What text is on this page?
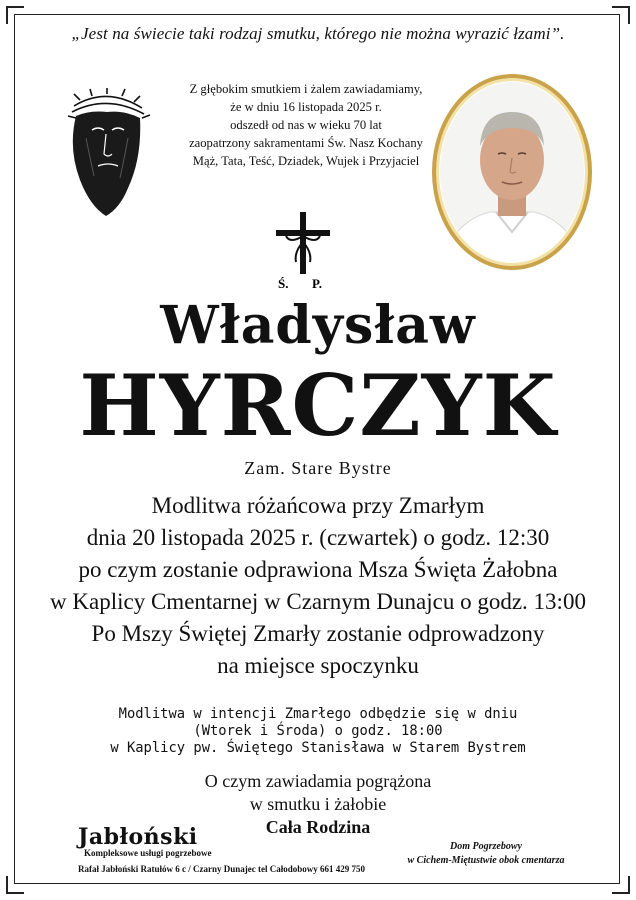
„Jest na świecie taki rodzaj smutku, którego nie można wyrazić łzami”.
Z głębokim smutkiem i żalem zawiadamiamy,
że w dniu 16 listopada 2025 r.
odszedł od nas w wieku 70 lat
zaopatrzony sakramentami Św. Nasz Kochany
Mąż, Tata, Teść, Dziadek, Wujek i Przyjaciel
Ś. P.
Władysław
HYRCZYK
Zam. Stare Bystre
Modlitwa różańcowa przy Zmarłym
dnia 20 listopada 2025 r. (czwartek) o godz. 12:30
po czym zostanie odprawiona Msza Święta Żałobna
w Kaplicy Cmentarnej w Czarnym Dunajcu o godz. 13:00
Po Mszy Świętej Zmarły zostanie odprowadzony
na miejsce spoczynku
Modlitwa w intencji Zmarłego odbędzie się w dniu
(Wtorek i Środa) o godz. 18:00
w Kaplicy pw. Świętego Stanisława w Starem Bystrem
O czym zawiadamia pogrążona
w smutku i żałobie
Cała Rodzina
Jabłoński
Kompleksowe usługi pogrzebowe
Rafał Jabłoński Ratułów 6 c / Czarny Dunajec tel Całodobowy 661 429 750
Dom Pogrzebowy
w Cichem-Miętustwie obok cmentarza
